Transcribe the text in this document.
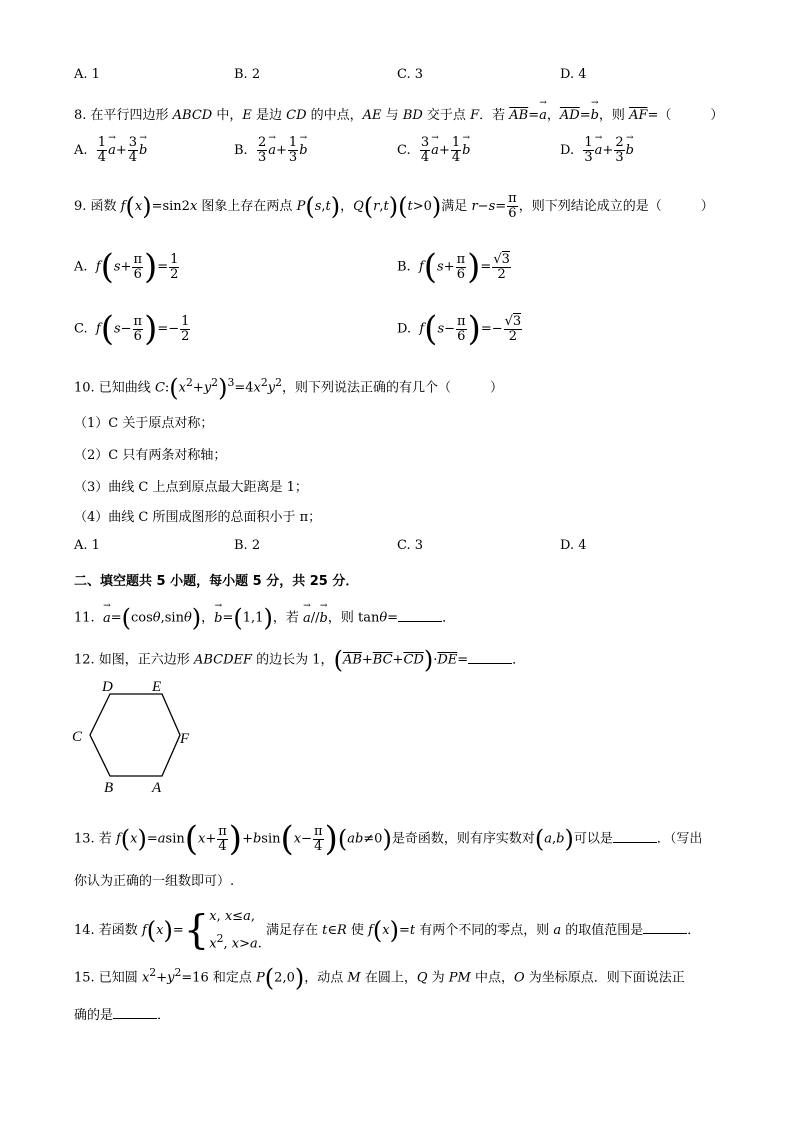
A. 1	B. 2	C. 3	D. 4
8. 在平行四边形 ABCD 中，E 是边 CD 的中点，AE 与 BD 交于点 F．若 $\overline{AB}=\to a$，$\overline{AD}=\to b$，则 $\overline{AF}=$（　　　）
A. $\frac{1}{4} \to a+ \frac{3}{4} \to b$	B. $\frac{2}{3} \to a+ \frac{1}{3} \to b$	C. $\frac{3}{4} \to a+ \frac{1}{4} \to b$	D. $\frac{1}{3} \to a+ \frac{2}{3} \to b$
9. 函数 f(x)=sin2x 图象上存在两点 P(s,t)，Q(r,t)(t>0)满足 $r-s= \frac{\pi}{6}$ ，则下列结论成立的是（　　　）
A.  $f(s+ \frac{\pi}{6}$ )= $\frac{1}{2}$	B.  $f(s+ \frac{\pi}{6}$ )= $\frac{√3}{2}$
C.  $f(s- \frac{\pi}{6}$ )=− $\frac{1}{2}$	D.  $f(s- \frac{\pi}{6}$ )=− $\frac{√3}{2}$
10. 已知曲线 $C:(x^2+y^2)^3=4x^2y^2$，则下列说法正确的有几个（　　　）
（1）C 关于原点对称；
（2）C 只有两条对称轴；
（3）曲线 C 上点到原点最大距离是 1；
（4）曲线 C 所围成图形的总面积小于 π；
A. 1	B. 2	C. 3	D. 4
二、填空题共 5 小题，每小题 5 分，共 25 分．
11.  → a=(cosθ,sinθ)，→ b=(1,1)，若 → a//→ b，则 tanθ=	．
12. 如图，正六边形 ABCDEF 的边长为 1，$(\overline{AB}+\overline{BC}+\overline{CD})\cdot\overline{DE}=$	．
D	E
C	F
B	A
13. 若 $f(x)=asin(x+ \frac{\pi}{4} )+bsin(x- \frac{\pi}{4} )(ab\ne 0)$是奇函数，则有序实数对(a,b)可以是	．（写出
你认为正确的一组数即可）.
14. 若函数 f(x)={ x, x≤a,
$x^2$, x>a.
满足存在 t∈R 使 f(x)=t 有两个不同的零点，则 a 的取值范围是	．
15. 已知圆 $x^2+y^2=16$ 和定点 P(2,0)，动点 M 在圆上，Q 为 PM 中点，O 为坐标原点．则下面说法正
确的是	．
